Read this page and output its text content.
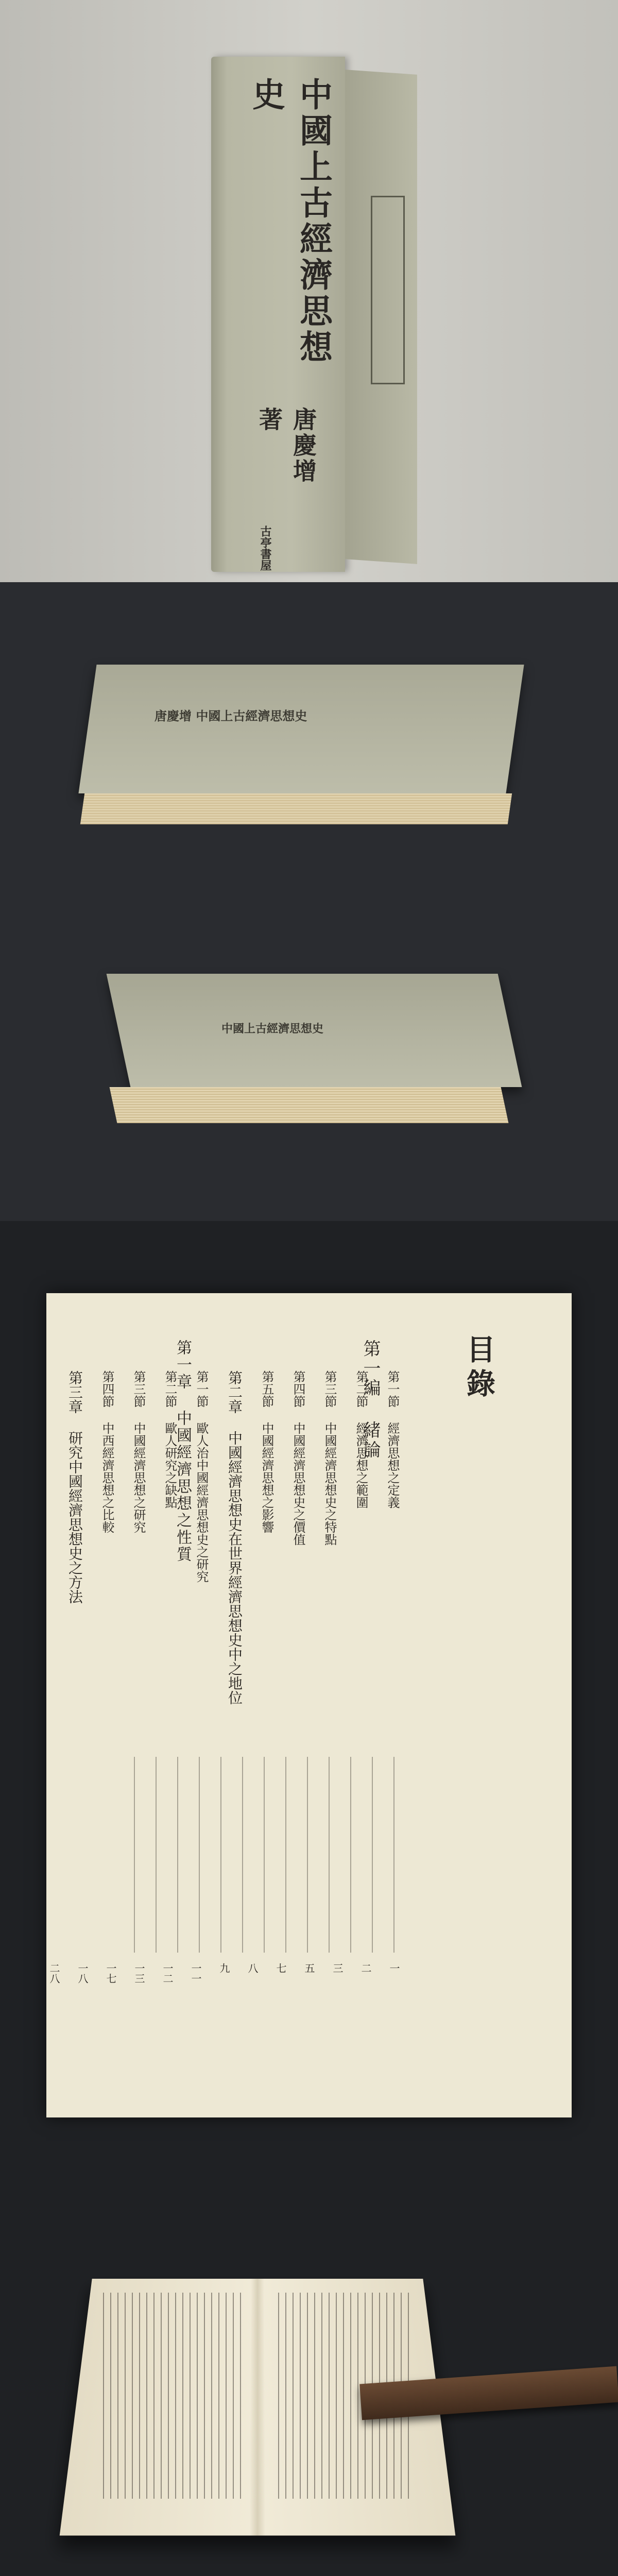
中國上古經濟思想史
唐慶增 著
古亭書屋
唐慶增 中國上古經濟思想史
中國上古經濟思想史
目錄
第一編 緒論
第一章 中國經濟思想之性質	第一節 經濟思想之定義
第二節 經濟思想之範圍
第三節 中國經濟思想史之特點
第四節 中國經濟思想史之價值
第五節 中國經濟思想之影響
第二章 中國經濟思想史在世界經濟思想史中之地位
第一節 歐人治中國經濟思想史之研究
第二節 歐人研究之缺點
第三節 中國經濟思想之研究
第四節 中西經濟思想之比較
第三章 研究中國經濟思想史之方法
一
二
三
五
七
八
九
一一
一二
一三
一七
一八
二八
